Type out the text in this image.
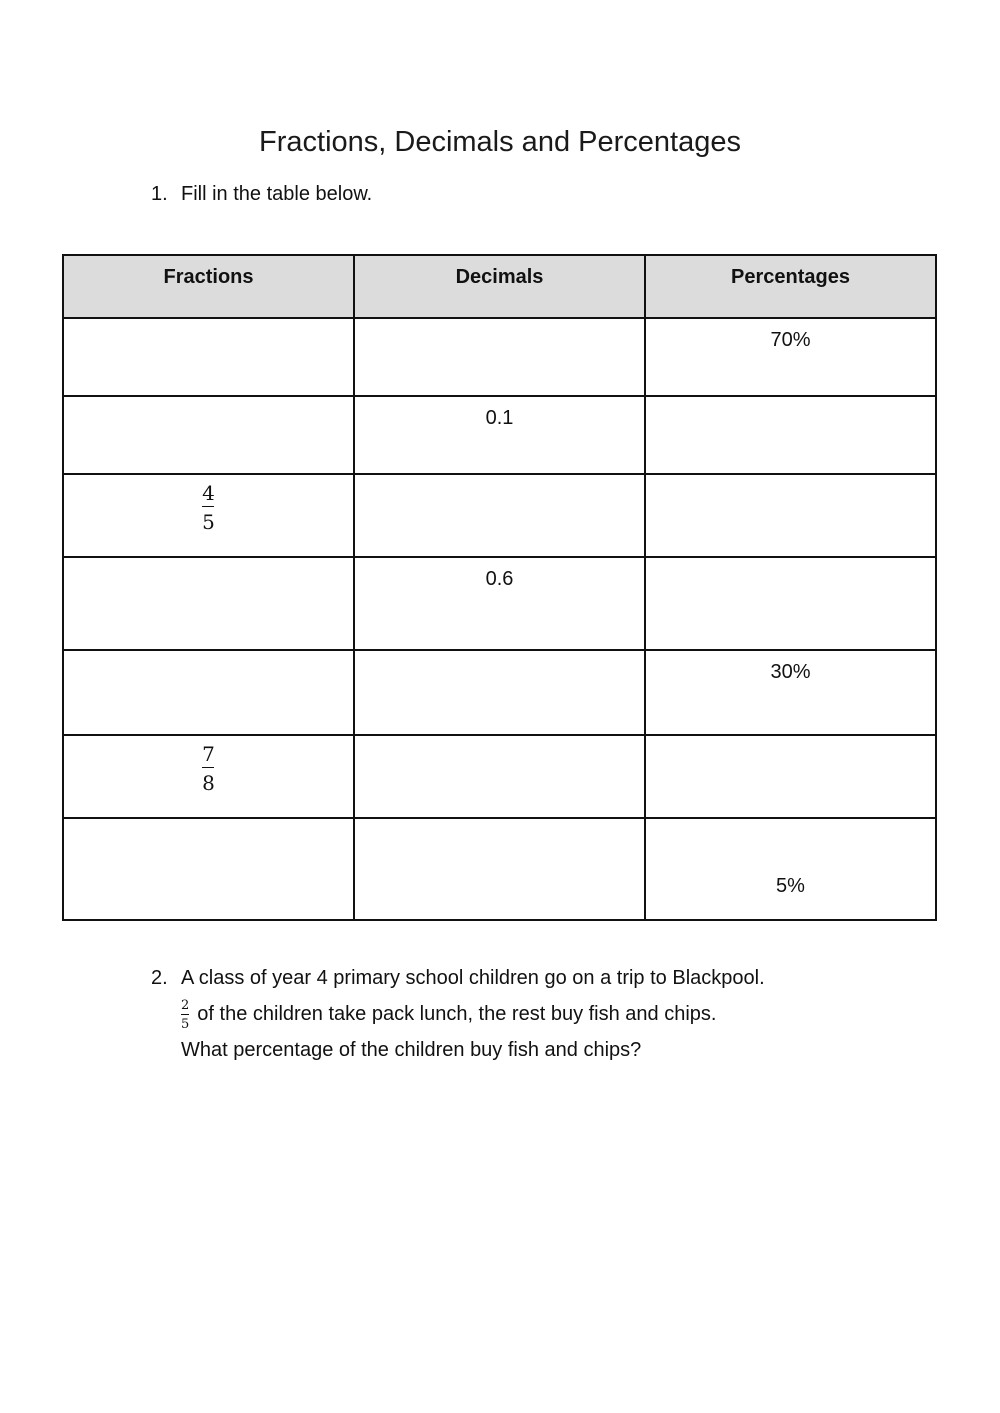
Fractions, Decimals and Percentages
1. Fill in the table below.
Fractions	Decimals	Percentages

		70%

	0.1	

$\frac{4}{5}$

	0.6	

		30%

$\frac{7}{8}$

		5%
2. A class of year 4 primary school children go on a trip to Blackpool.
$\frac{2}{5}$ of the children take pack lunch, the rest buy fish and chips.
What percentage of the children buy fish and chips?
